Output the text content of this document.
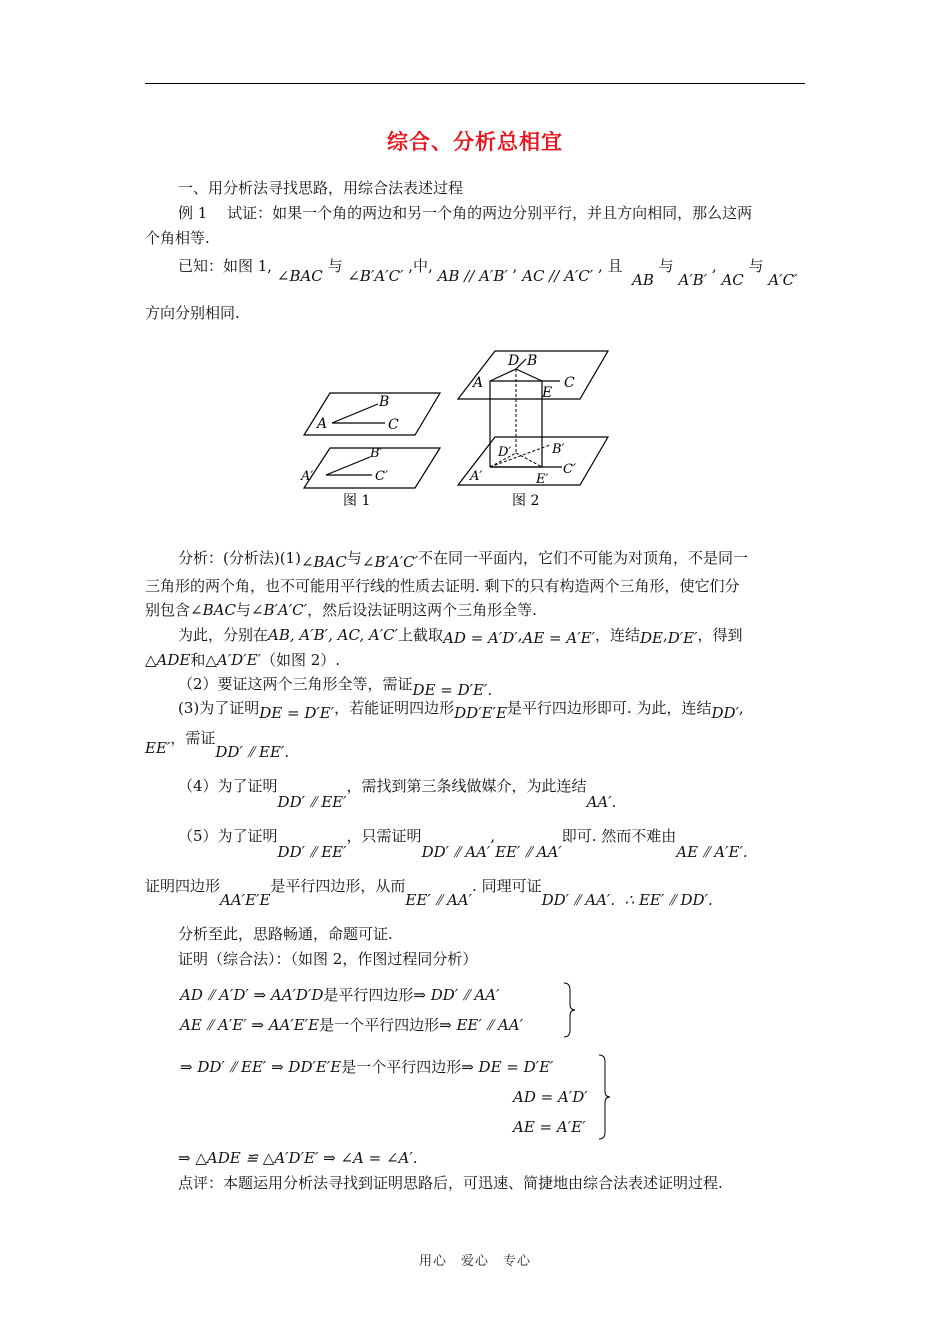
综合、分析总相宜
一、用分析法寻找思路，用综合法表述过程
例 1　 试证：如果一个角的两边和另一个角的两边分别平行，并且方向相同，那么这两
个角相等.
已知：如图 1, ∠BAC 与 ∠B′A′C′ ,中, AB // A′B′ , AC // A′C′ , 且
AB 与 A′B′ , AC 与 A′C′
方向分别相同.
A
B
C
A′
B′
C′
图 1
D B
A	C
E
D′	B′
C′
A′	E′
图 2
分析：(分析法)(1)∠BAC与∠B′A′C′不在同一平面内，它们不可能为对顶角，不是同一
三角形的两个角，也不可能用平行线的性质去证明. 剩下的只有构造两个三角形，使它们分
别包含∠BAC与∠B′A′C′，然后设法证明这两个三角形全等.
为此，分别在AB, A′B′, AC, A′C′上截取AD = A′D′,AE = A′E′，连结DE,D′E′，得到
△ADE和△A′D′E′（如图 2）.
（2）要证这两个三角形全等，需证DE = D′E′.
(3)为了证明DE = D′E′，若能证明四边形DD′E′E是平行四边形即可. 为此，连结DD′,
EE′，需证DD′ ⫽ EE′.
（4）为了证明DD′ ⫽ EE′，需找到第三条线做媒介，为此连结AA′.
（5）为了证明DD′ ⫽ EE′，只需证明DD′ ⫽ AA′,EE′ ⫽ AA′即可. 然而不难由AE ⫽ A′E′.
证明四边形AA′E′E是平行四边形，从而EE′ ⫽ AA′. 同理可证DD′ ⫽ AA′. ∴ EE′ ⫽ DD′.
分析至此，思路畅通，命题可证.
证明（综合法）：（如图 2，作图过程同分析）
AD ⫽ A′D′ ⇒ AA′D′D是平行四边形⇒ DD′ ⫽ AA′
AE ⫽ A′E′ ⇒ AA′E′E是一个平行四边形⇒ EE′ ⫽ AA′
⇒ DD′ ⫽ EE′ ⇒ DD′E′E是一个平行四边形⇒ DE = D′E′
AD = A′D′
AE = A′E′
⇒ △ADE ≌ △A′D′E′ ⇒ ∠A = ∠A′.
点评：本题运用分析法寻找到证明思路后，可迅速、简捷地由综合法表述证明过程.
用心　爱心　专心
